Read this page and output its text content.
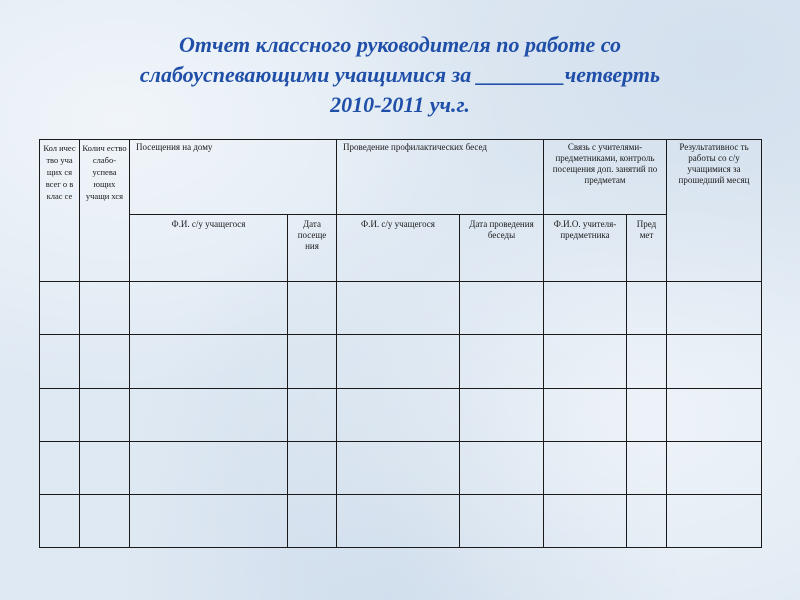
Отчет классного руководителя по работе со
слабоуспевающими учащимися за ________четверть
2010-2011 уч.г.
Кол ичес тво уча щих ся всег о в клас се	Колич ество слабо- успева ющих учащи хся	Посещения на дому		Проведение профилактических бесед		Связь с учителями-предметниками, контроль посещения доп. занятий по предметам		Результативнос ть работы со с/у учащимися за прошедший месяц
		Ф.И. с/у учащегося	Дата посеще ния	Ф.И. с/у учащегося	Дата проведения беседы	Ф.И.О. учителя-предметника	Пред мет	
